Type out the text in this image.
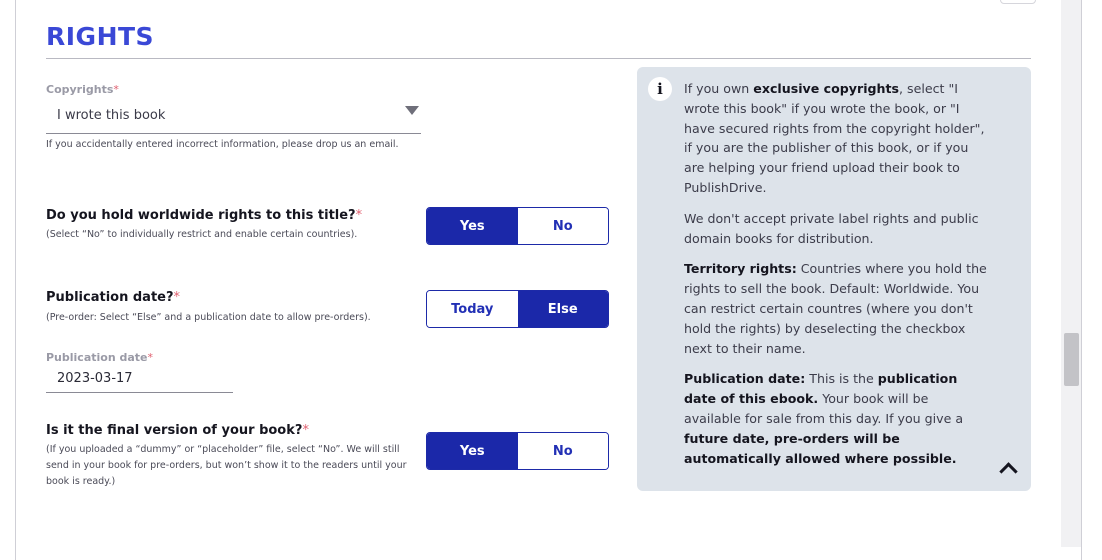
RIGHTS
Copyrights*
I wrote this book
If you accidentally entered incorrect information, please drop us an email.
Do you hold worldwide rights to this title?*
(Select “No” to individually restrict and enable certain countries).
Yes	No
Publication date?*
(Pre-order: Select “Else” and a publication date to allow pre-orders).
Today	Else
Publication date*
2023-03-17
Is it the final version of your book?*
(If you uploaded a “dummy” or “placeholder” file, select “No”. We will still send in your book for pre-orders, but won’t show it to the readers until your book is ready.)
Yes	No
i	If you own exclusive copyrights, select "I wrote this book" if you wrote the book, or "I have secured rights from the copyright holder", if you are the publisher of this book, or if you are helping your friend upload their book to PublishDrive.

We don't accept private label rights and public domain books for distribution.

Territory rights: Countries where you hold the rights to sell the book. Default: Worldwide. You can restrict certain countres (where you don't hold the rights) by deselecting the checkbox next to their name.

Publication date: This is the publication date of this ebook. Your book will be available for sale from this day. If you give a future date, pre-orders will be automatically allowed where possible.
